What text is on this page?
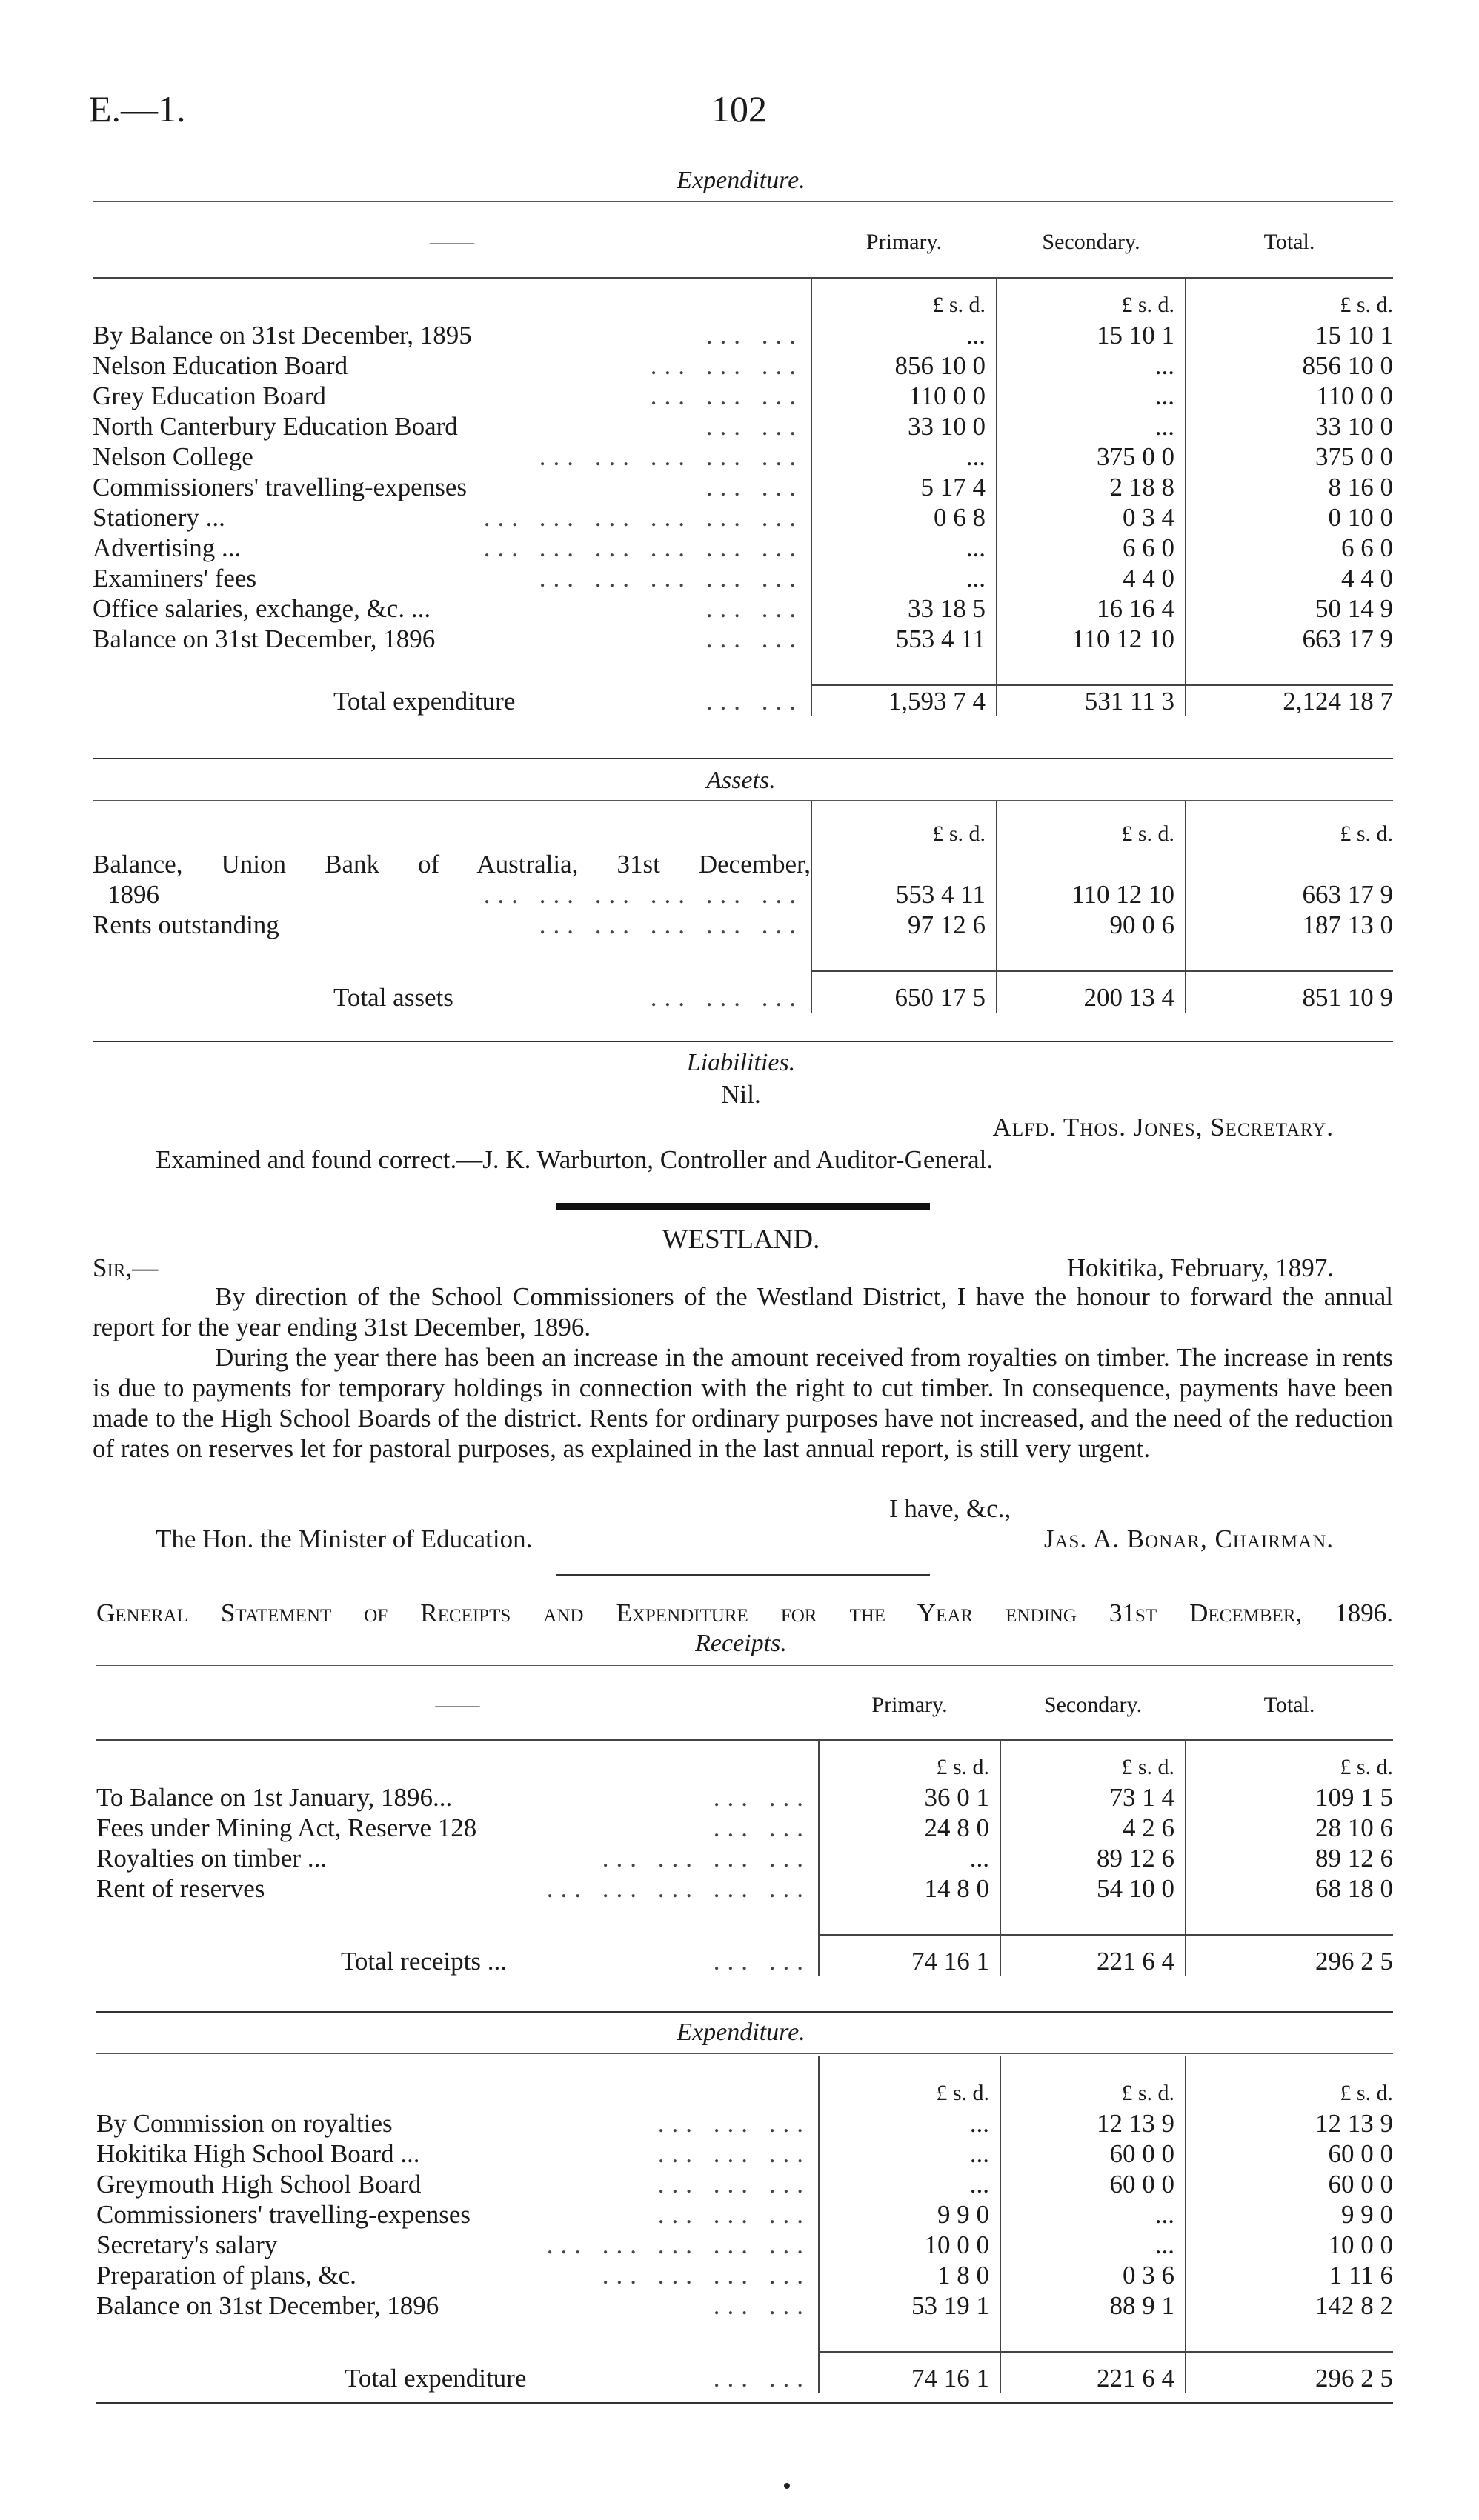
E.—1.	102
Expenditure.
——	Primary.	Secondary.	Total.
	£ s. d.	£ s. d.	£ s. d.
By Balance on 31st December, 1895 ... ...	...	15 10 1	15 10 1
Nelson Education Board ... ... ...	856 10 0	...	856 10 0
Grey Education Board ... ... ...	110 0 0	...	110 0 0
North Canterbury Education Board ... ...	33 10 0	...	33 10 0
Nelson College ... ... ... ... ...	...	375 0 0	375 0 0
Commissioners' travelling-expenses ... ...	5 17 4	2 18 8	8 16 0
Stationery ... ... ... ... ... ... ...	0 6 8	0 3 4	0 10 0
Advertising ... ... ... ... ... ... ...	...	6 6 0	6 6 0
Examiners' fees ... ... ... ... ...	...	4 4 0	4 4 0
Office salaries, exchange, &c. ... ... ...	33 18 5	16 16 4	50 14 9
Balance on 31st December, 1896 ... ...	553 4 11	110 12 10	663 17 9

Total expenditure ... ...	1,593 7 4	531 11 3	2,124 18 7
Assets.
	£ s. d.	£ s. d.	£ s. d.
Balance, Union Bank of Australia, 31st December,			
1896 ... ... ... ... ... ...	553 4 11	110 12 10	663 17 9
Rents outstanding ... ... ... ... ...	97 12 6	90 0 6	187 13 0

Total assets ... ... ...	650 17 5	200 13 4	851 10 9
Liabilities.
Nil.
Alfd. Thos. Jones, Secretary.
Examined and found correct.—J. K. Warburton, Controller and Auditor-General.
WESTLAND.
Sir,—	Hokitika, February, 1897.
By direction of the School Commissioners of the Westland District, I have the honour to forward the annual report for the year ending 31st December, 1896.
During the year there has been an increase in the amount received from royalties on timber. The increase in rents is due to payments for temporary holdings in connection with the right to cut timber. In consequence, payments have been made to the High School Boards of the district. Rents for ordinary purposes have not increased, and the need of the reduction of rates on reserves let for pastoral purposes, as explained in the last annual report, is still very urgent.
I have, &c.,
The Hon. the Minister of Education.	Jas. A. Bonar, Chairman.
General Statement of Receipts and Expenditure for the Year ending 31st December, 1896.
Receipts.
——	Primary.	Secondary.	Total.
	£ s. d.	£ s. d.	£ s. d.
To Balance on 1st January, 1896... ... ...	36 0 1	73 1 4	109 1 5
Fees under Mining Act, Reserve 128 ... ...	24 8 0	4 2 6	28 10 6
Royalties on timber ... ... ... ... ...	...	89 12 6	89 12 6
Rent of reserves ... ... ... ... ...	14 8 0	54 10 0	68 18 0

Total receipts ... ... ...	74 16 1	221 6 4	296 2 5
Expenditure.
	£ s. d.	£ s. d.	£ s. d.
By Commission on royalties ... ... ...	...	12 13 9	12 13 9
Hokitika High School Board ... ... ... ...	...	60 0 0	60 0 0
Greymouth High School Board ... ... ...	...	60 0 0	60 0 0
Commissioners' travelling-expenses ... ... ...	9 9 0	...	9 9 0
Secretary's salary ... ... ... ... ...	10 0 0	...	10 0 0
Preparation of plans, &c. ... ... ... ...	1 8 0	0 3 6	1 11 6
Balance on 31st December, 1896 ... ...	53 19 1	88 9 1	142 8 2

Total expenditure ... ...	74 16 1	221 6 4	296 2 5
